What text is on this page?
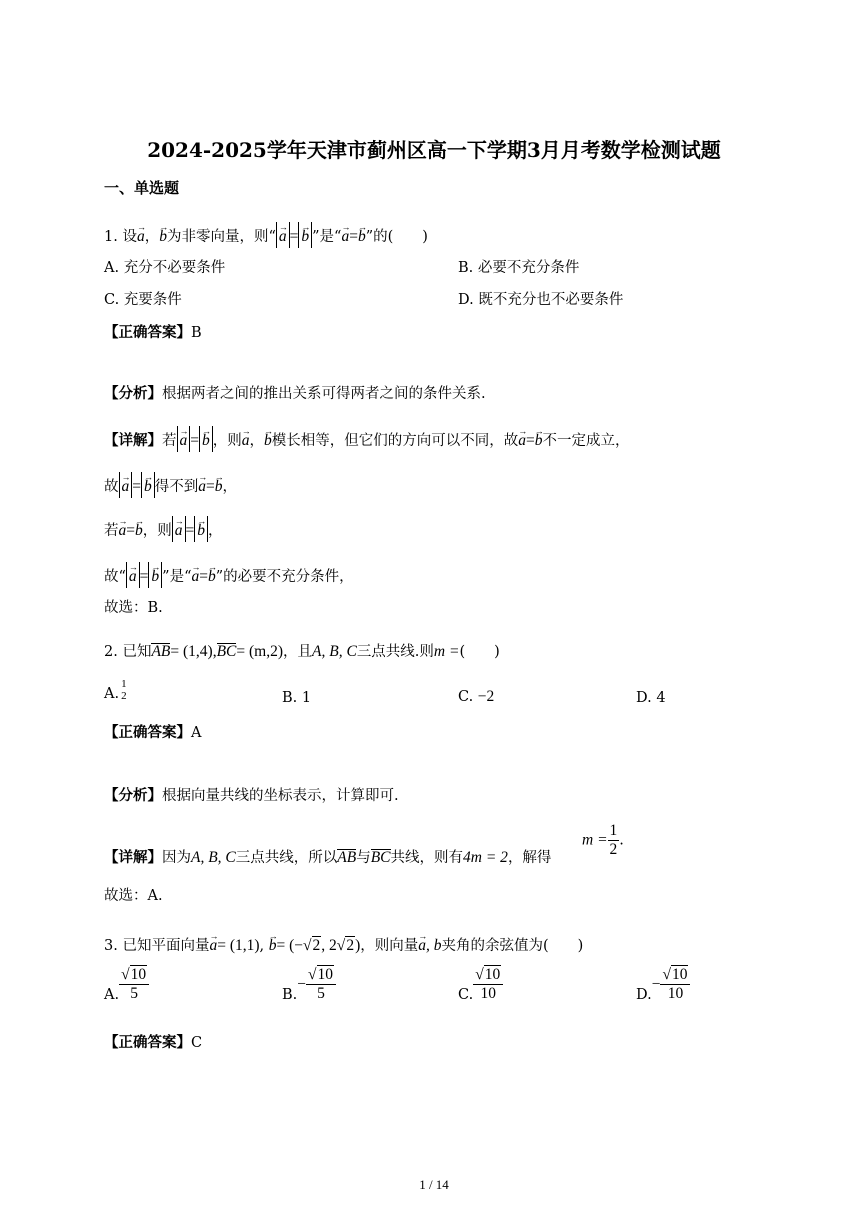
2024-2025学年天津市蓟州区高一下学期3月月考数学检测试题
一、单选题
1. 设→ a，→ b为非零向量，则“ → a = → b ”是“→ a=→ b”的(　　)
A. 充分不必要条件	B. 必要不充分条件
C. 充要条件	D. 既不充分也不必要条件
【正确答案】B
【分析】根据两者之间的推出关系可得两者之间的条件关系.
【详解】若 → a = → b ，则→ a，→ b模长相等，但它们的方向可以不同，故→ a=→ b不一定成立，
故 → a = → b 得不到→ a=→ b，
若→ a=→ b，则 → a = → b ，
故“ → a = → b ”是“→ a=→ b”的必要不充分条件，
故选：B.
2. 已知AB= (1,4),BC= (m,2)，且A, B, C三点共线.则m =(　　)
A.
1
2	B. 1	C. −2	D. 4
【正确答案】A
【分析】根据向量共线的坐标表示，计算即可.
【详解】因为A, B, C三点共线，所以AB与BC共线，则有4m = 2，解得
$m = \frac{1}{2}$ .
故选：A.
3. 已知平面向量→ a= (1,1), → b= (−√2, 2√2)，则向量→ a, b夹角的余弦值为(　　)
A. $\frac{√10}{5}$	$B.- \frac{√10}{5}$	C. $\frac{√10}{10}$	$D.- \frac{√10}{10}$
【正确答案】C
1 / 14
